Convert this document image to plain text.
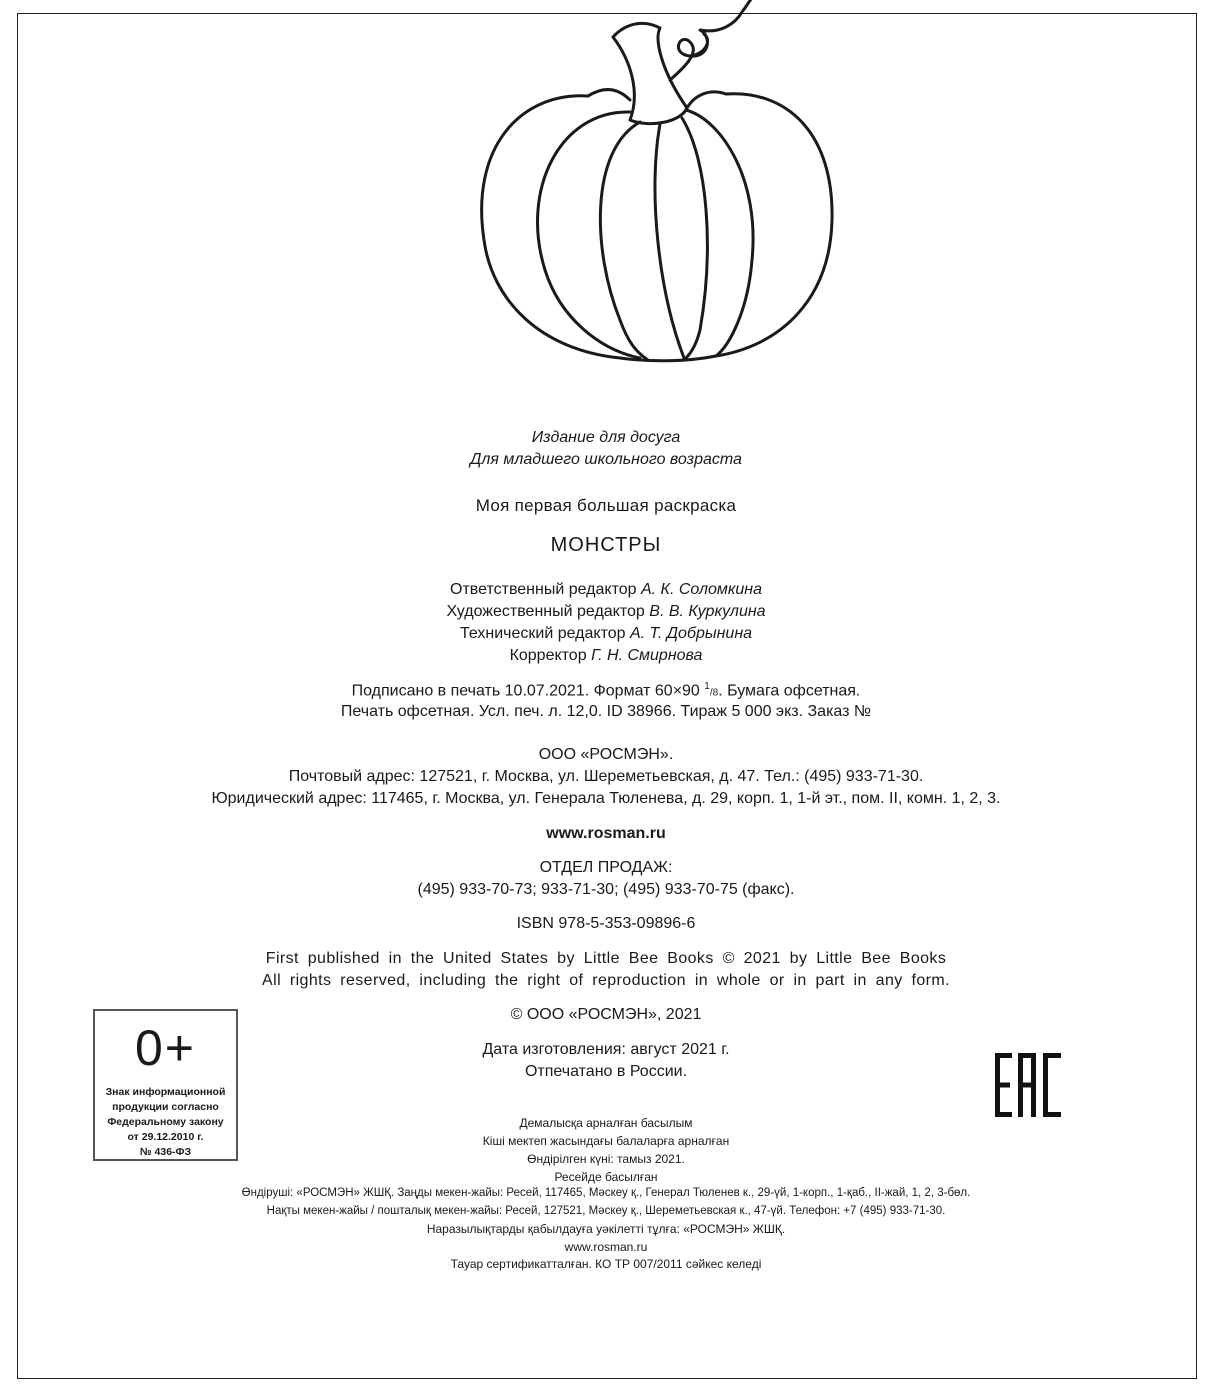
Издание для досуга
Для младшего школьного возраста
Моя первая большая раскраска
МОНСТРЫ
Ответственный редактор А. К. Соломкина
Художественный редактор В. В. Куркулина
Технический редактор А. Т. Добрынина
Корректор Г. Н. Смирнова
Подписано в печать 10.07.2021. Формат 60×90 $^1$/8. Бумага офсетная.
Печать офсетная. Усл. печ. л. 12,0. ID 38966. Тираж 5 000 экз. Заказ №
ООО «РОСМЭН».
Почтовый адрес: 127521, г. Москва, ул. Шереметьевская, д. 47. Тел.: (495) 933-71-30.
Юридический адрес: 117465, г. Москва, ул. Генерала Тюленева, д. 29, корп. 1, 1-й эт., пом. II, комн. 1, 2, 3.
www.rosman.ru
ОТДЕЛ ПРОДАЖ:
(495) 933-70-73; 933-71-30; (495) 933-70-75 (факс).
ISBN 978-5-353-09896-6
First published in the United States by Little Bee Books © 2021 by Little Bee Books
All rights reserved, including the right of reproduction in whole or in part in any form.
© ООО «РОСМЭН», 2021
Дата изготовления: август 2021 г.
Отпечатано в России.
0+
Знак информационной
продукции согласно
Федеральному закону
от 29.12.2010 г.
№ 436-ФЗ
Демалысқа арналған басылым
Кіші мектеп жасындағы балаларға арналған
Өндірілген күні: тамыз 2021.
Ресейде басылған
Өндіруші: «РОСМЭН» ЖШҚ. Заңды мекен-жайы: Ресей, 117465, Мәскеу қ., Генерал Тюленев к., 29-үй, 1-корп., 1-қаб., II-жай, 1, 2, 3-бөл.
Нақты мекен-жайы / пошталық мекен-жайы: Ресей, 127521, Мәскеу қ., Шереметьевская к., 47-үй. Телефон: +7 (495) 933-71-30.
Наразылықтарды қабылдауға уәкілетті тұлға: «РОСМЭН» ЖШҚ.
www.rosman.ru
Тауар сертификатталған. КО ТР 007/2011 сәйкес келеді
